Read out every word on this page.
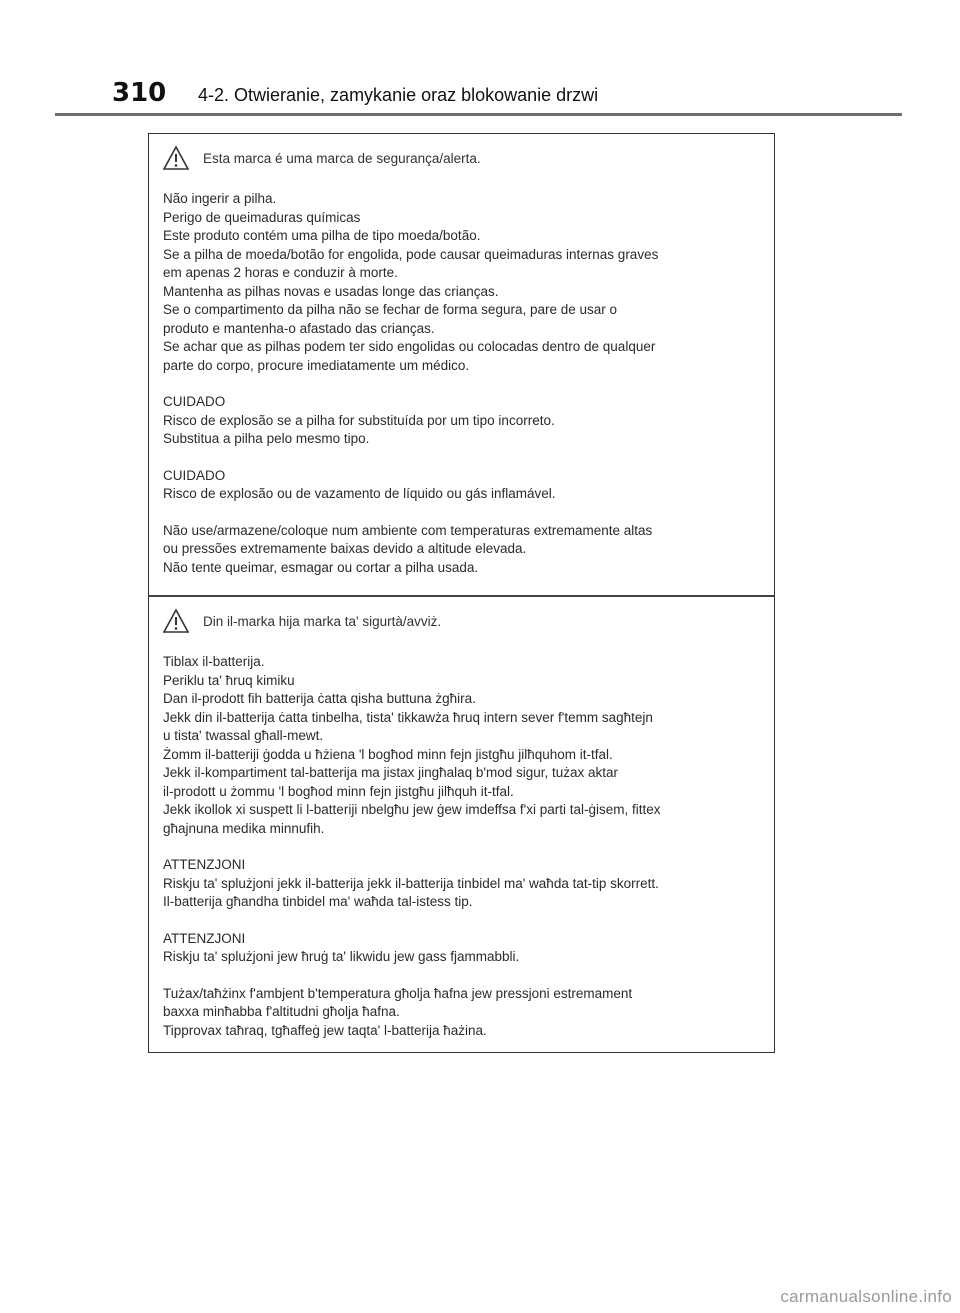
310 4-2. Otwieranie, zamykanie oraz blokowanie drzwi
Esta marca é uma marca de segurança/alerta.

Não ingerir a pilha.
Perigo de queimaduras químicas
Este produto contém uma pilha de tipo moeda/botão.
Se a pilha de moeda/botão for engolida, pode causar queimaduras internas graves
em apenas 2 horas e conduzir à morte.
Mantenha as pilhas novas e usadas longe das crianças.
Se o compartimento da pilha não se fechar de forma segura, pare de usar o
produto e mantenha-o afastado das crianças.
Se achar que as pilhas podem ter sido engolidas ou colocadas dentro de qualquer
parte do corpo, procure imediatamente um médico.

CUIDADO
Risco de explosão se a pilha for substituída por um tipo incorreto.
Substitua a pilha pelo mesmo tipo.

CUIDADO
Risco de explosão ou de vazamento de líquido ou gás inflamável.

Não use/armazene/coloque num ambiente com temperaturas extremamente altas
ou pressões extremamente baixas devido a altitude elevada.
Não tente queimar, esmagar ou cortar a pilha usada.

Din il-marka hija marka ta' sigurtà/avviż.

Tiblax il-batterija.
Periklu ta' ħruq kimiku
Dan il-prodott fih batterija ċatta qisha buttuna żgħira.
Jekk din il-batterija ċatta tinbelha, tista' tikkawża ħruq intern sever f'temm sagħtejn
u tista' twassal għall-mewt.
Żomm il-batteriji ġodda u ħżiena 'l bogħod minn fejn jistgħu jilħquhom it-tfal.
Jekk il-kompartiment tal-batterija ma jistax jingħalaq b'mod sigur, tużax aktar
il-prodott u żommu 'l bogħod minn fejn jistgħu jilħquh it-tfal.
Jekk ikollok xi suspett li l-batteriji nbelgħu jew ġew imdeffsa f'xi parti tal-ġisem, fittex
għajnuna medika minnufih.

ATTENZJONI
Riskju ta' splużjoni jekk il-batterija jekk il-batterija tinbidel ma' waħda tat-tip skorrett.
Il-batterija għandha tinbidel ma' waħda tal-istess tip.

ATTENZJONI
Riskju ta' splużjoni jew ħruġ ta' likwidu jew gass fjammabbli.

Tużax/taħżinx f'ambjent b'temperatura għolja ħafna jew pressjoni estremament
baxxa minħabba f'altitudni għolja ħafna.
Tipprovax taħraq, tgħaffeġ jew taqta' l-batterija ħażina.

carmanualsonline.info
